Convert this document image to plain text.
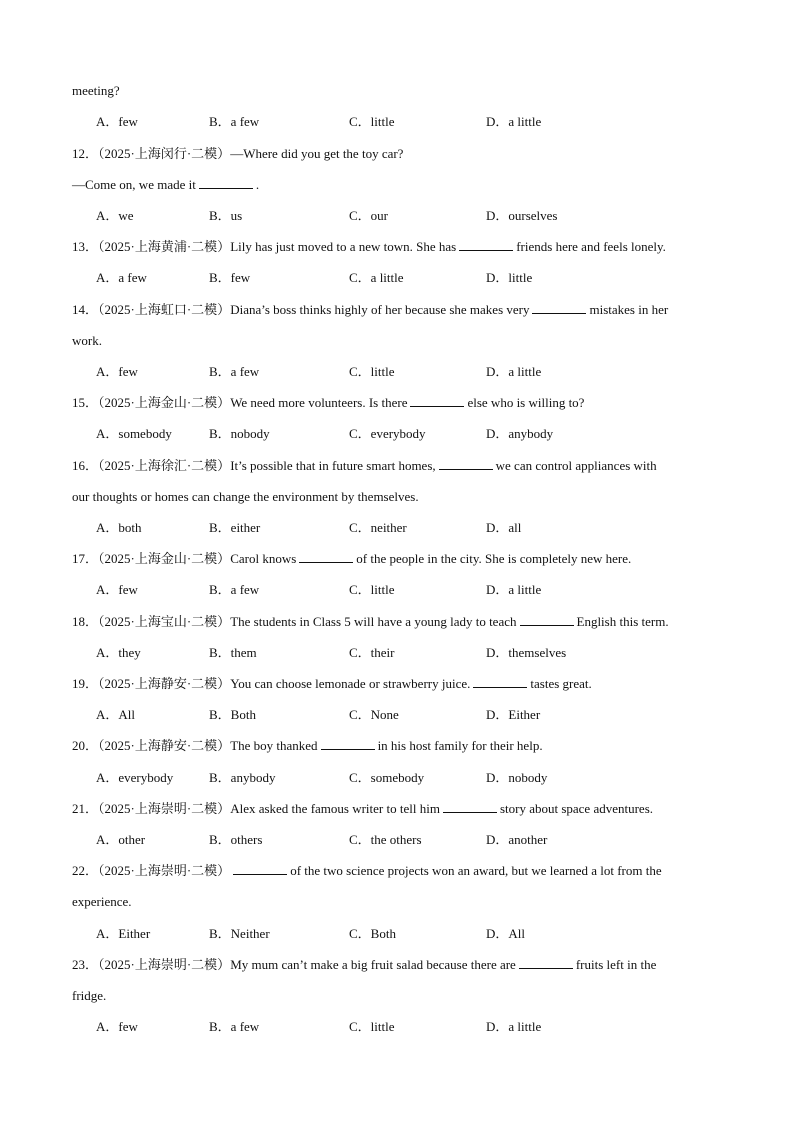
meeting?
A．few	B．a few	C．little	D．a little
12．（2025·上海闵行·二模）—Where did you get the toy car?
—Come on, we made it	.
A．we	B．us	C．our	D．ourselves
13．（2025·上海黄浦·二模）Lily has just moved to a new town. She has	friends here and feels lonely.
A．a few	B．few	C．a little	D．little
14．（2025·上海虹口·二模）Diana’s boss thinks highly of her because she makes very	mistakes in her
work.
A．few	B．a few	C．little	D．a little
15．（2025·上海金山·二模）We need more volunteers. Is there	else who is willing to?
A．somebody	B．nobody	C．everybody	D．anybody
16．（2025·上海徐汇·二模）It’s possible that in future smart homes,	we can control appliances with
our thoughts or homes can change the environment by themselves.
A．both	B．either	C．neither	D．all
17．（2025·上海金山·二模）Carol knows	of the people in the city. She is completely new here.
A．few	B．a few	C．little	D．a little
18．（2025·上海宝山·二模）The students in Class 5 will have a young lady to teach	English this term.
A．they	B．them	C．their	D．themselves
19．（2025·上海静安·二模）You can choose lemonade or strawberry juice.	tastes great.
A．All	B．Both	C．None	D．Either
20．（2025·上海静安·二模）The boy thanked	in his host family for their help.
A．everybody	B．anybody	C．somebody	D．nobody
21．（2025·上海崇明·二模）Alex asked the famous writer to tell him	story about space adventures.
A．other	B．others	C．the others	D．another
22．（2025·上海崇明·二模）	of the two science projects won an award, but we learned a lot from the
experience.
A．Either	B．Neither	C．Both	D．All
23．（2025·上海崇明·二模）My mum can’t make a big fruit salad because there are	fruits left in the
fridge.
A．few	B．a few	C．little	D．a little
